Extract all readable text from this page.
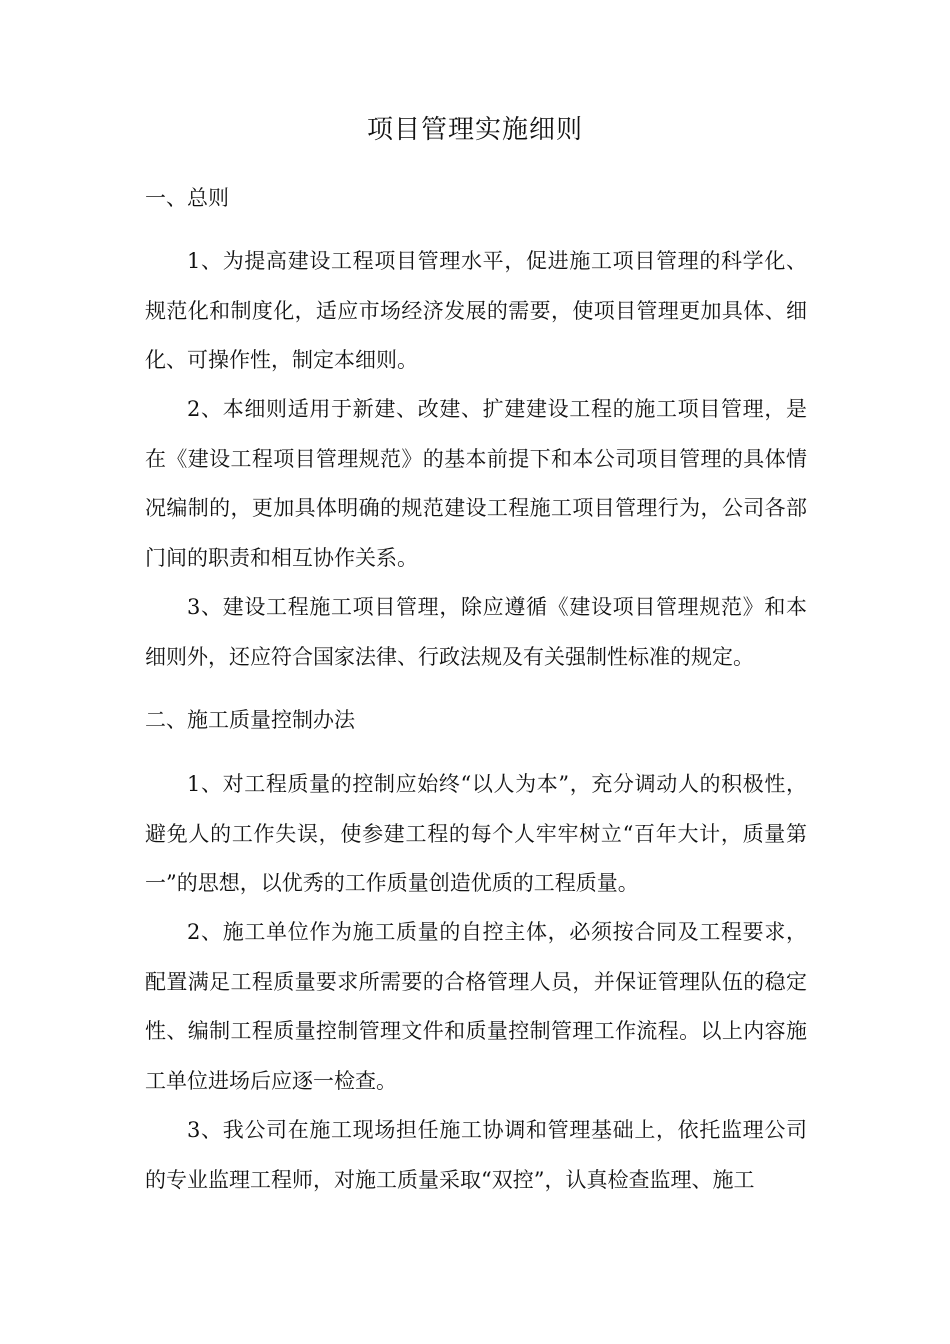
项目管理实施细则
一、总则
1、为提高建设工程项目管理水平，促进施工项目管理的科学化、规范化和制度化，适应市场经济发展的需要，使项目管理更加具体、细化、可操作性，制定本细则。
2、本细则适用于新建、改建、扩建建设工程的施工项目管理，是在《建设工程项目管理规范》的基本前提下和本公司项目管理的具体情况编制的，更加具体明确的规范建设工程施工项目管理行为，公司各部门间的职责和相互协作关系。
3、建设工程施工项目管理，除应遵循《建设项目管理规范》和本细则外，还应符合国家法律、行政法规及有关强制性标准的规定。
二、施工质量控制办法
1、对工程质量的控制应始终“以人为本”，充分调动人的积极性，避免人的工作失误，使参建工程的每个人牢牢树立“百年大计，质量第一”的思想，以优秀的工作质量创造优质的工程质量。
2、施工单位作为施工质量的自控主体，必须按合同及工程要求，配置满足工程质量要求所需要的合格管理人员，并保证管理队伍的稳定性、编制工程质量控制管理文件和质量控制管理工作流程。以上内容施工单位进场后应逐一检查。
3、我公司在施工现场担任施工协调和管理基础上，依托监理公司的专业监理工程师，对施工质量采取“双控”，认真检查监理、施工
